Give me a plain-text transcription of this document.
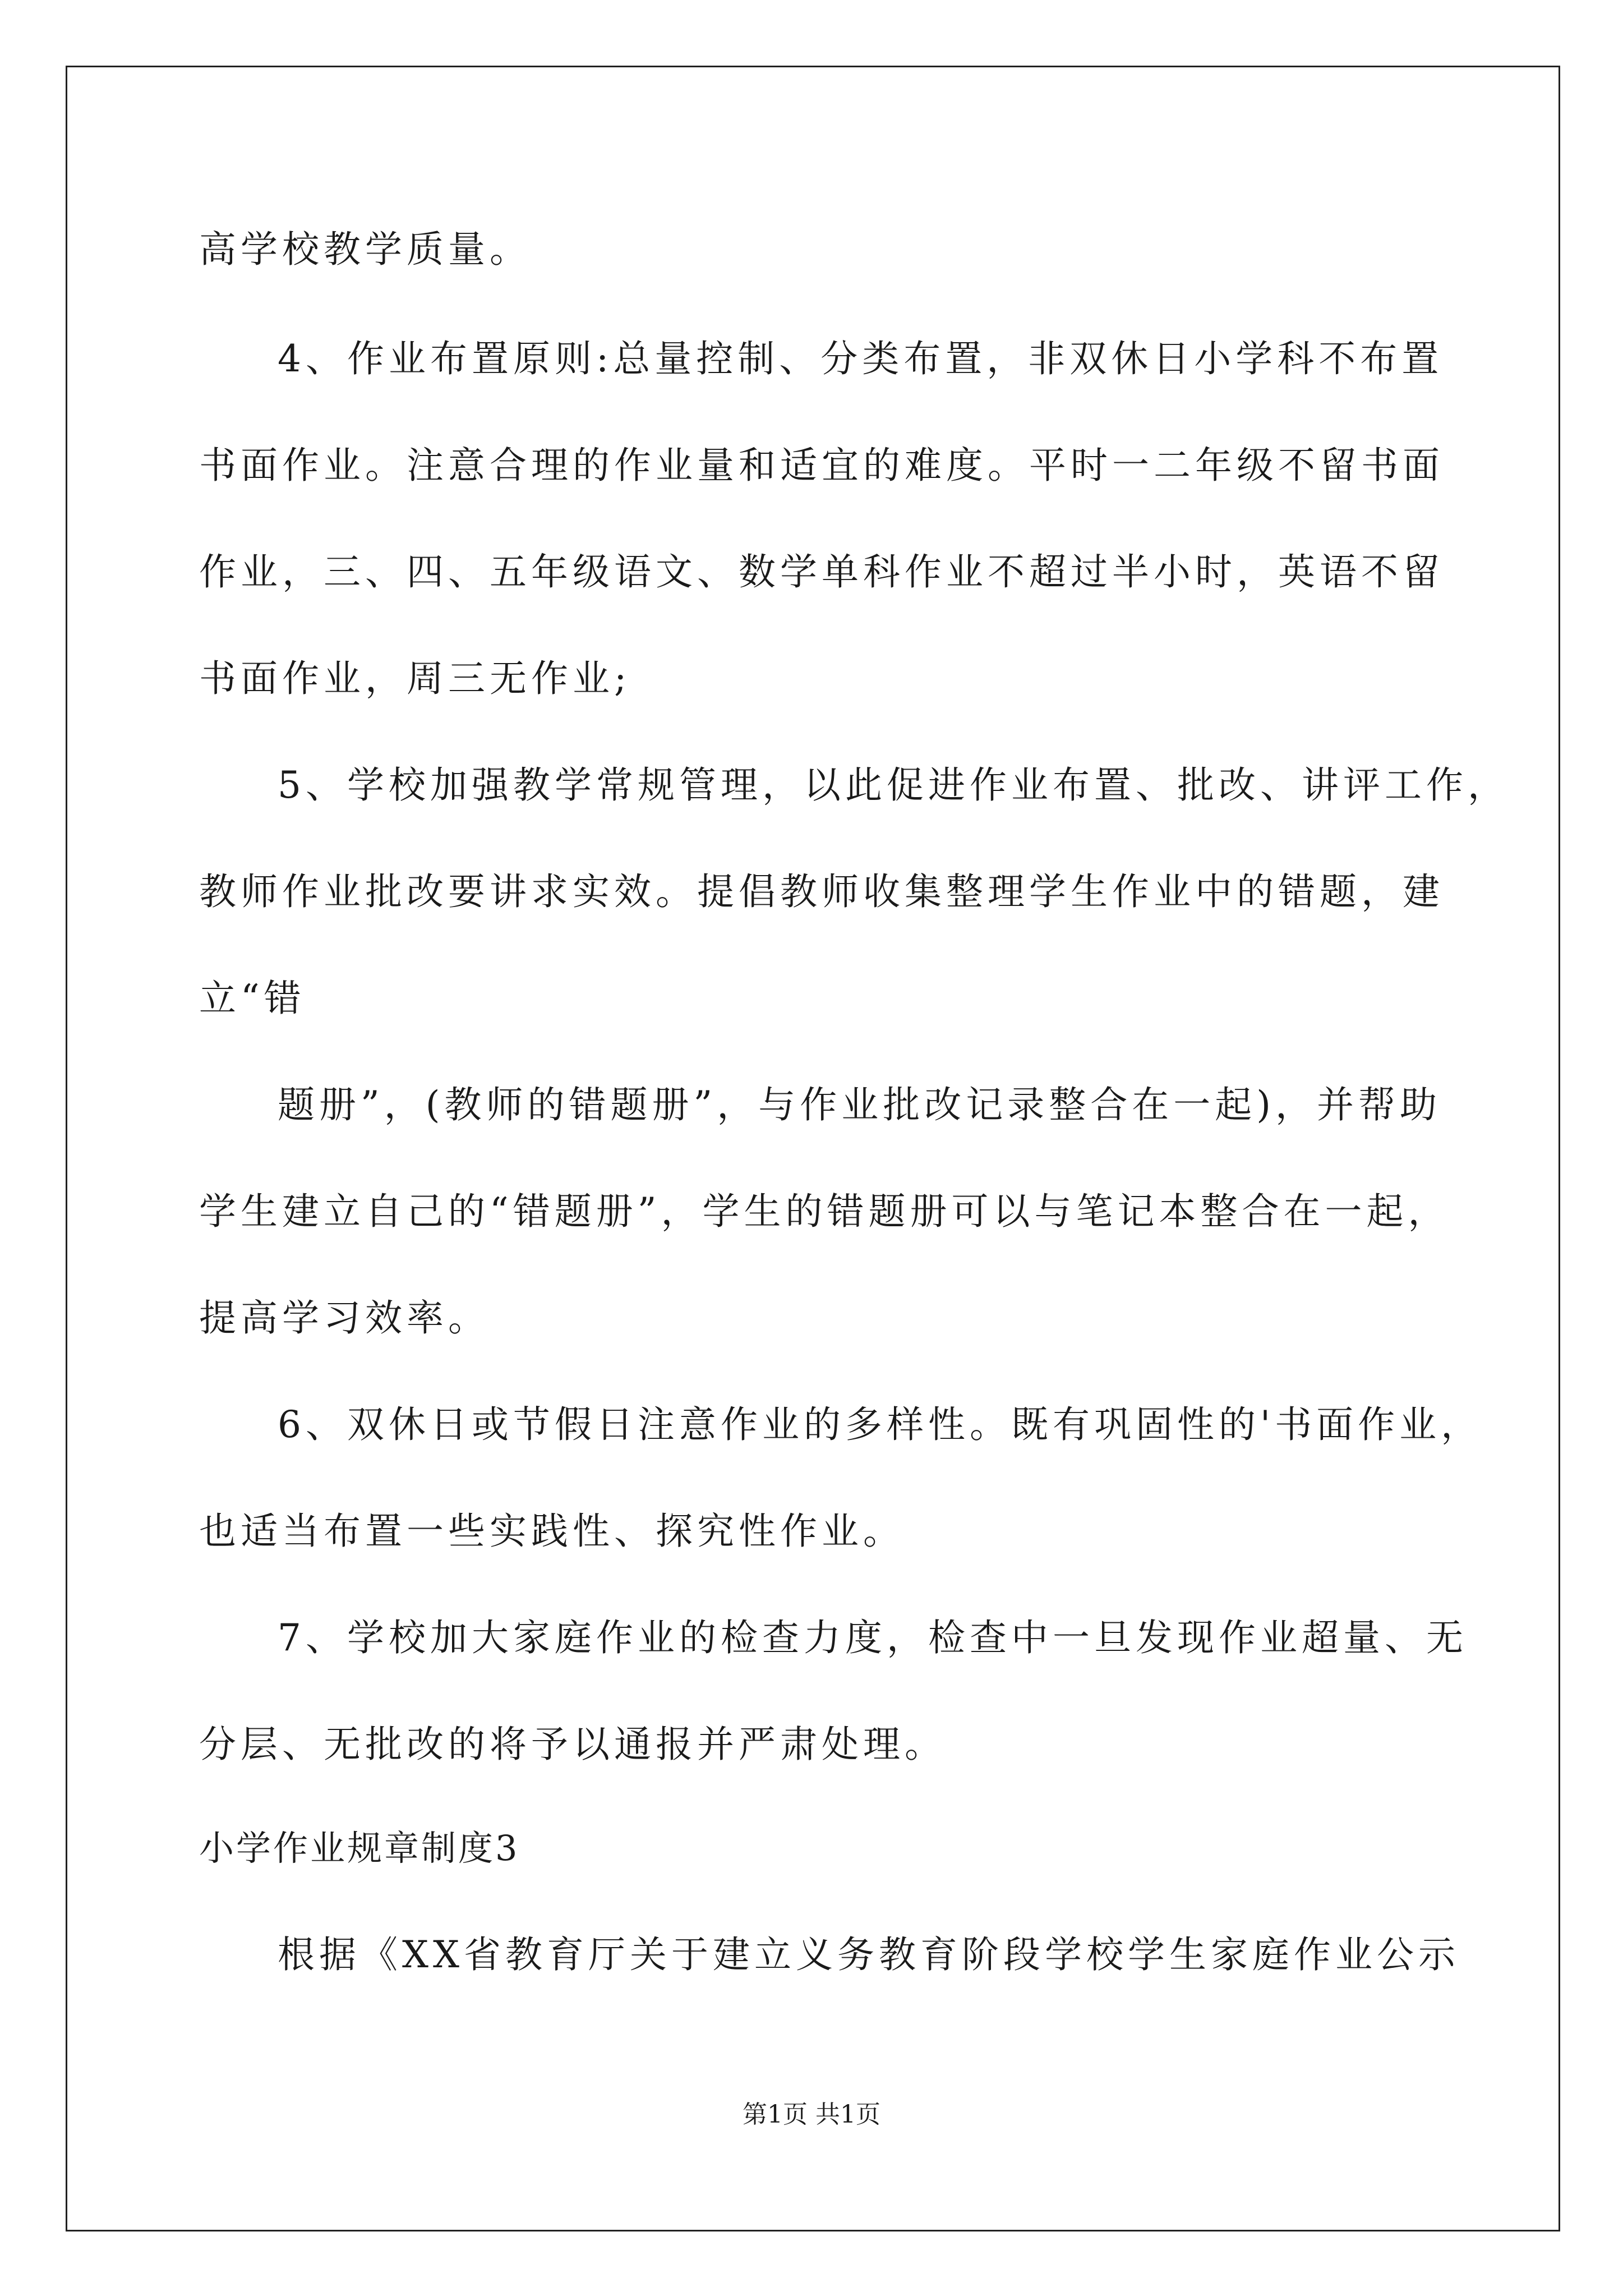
高学校教学质量。
4、作业布置原则:总量控制、分类布置，非双休日小学科不布置
书面作业。注意合理的作业量和适宜的难度。平时一二年级不留书面
作业，三、四、五年级语文、数学单科作业不超过半小时，英语不留
书面作业，周三无作业;
5、学校加强教学常规管理，以此促进作业布置、批改、讲评工作，
教师作业批改要讲求实效。提倡教师收集整理学生作业中的错题，建
立“错
题册”，(教师的错题册”，与作业批改记录整合在一起)，并帮助
学生建立自己的“错题册”，学生的错题册可以与笔记本整合在一起，
提高学习效率。
6、双休日或节假日注意作业的多样性。既有巩固性的'书面作业，
也适当布置一些实践性、探究性作业。
7、学校加大家庭作业的检查力度，检查中一旦发现作业超量、无
分层、无批改的将予以通报并严肃处理。
小学作业规章制度3
根据《XX省教育厅关于建立义务教育阶段学校学生家庭作业公示
第1页 共1页
